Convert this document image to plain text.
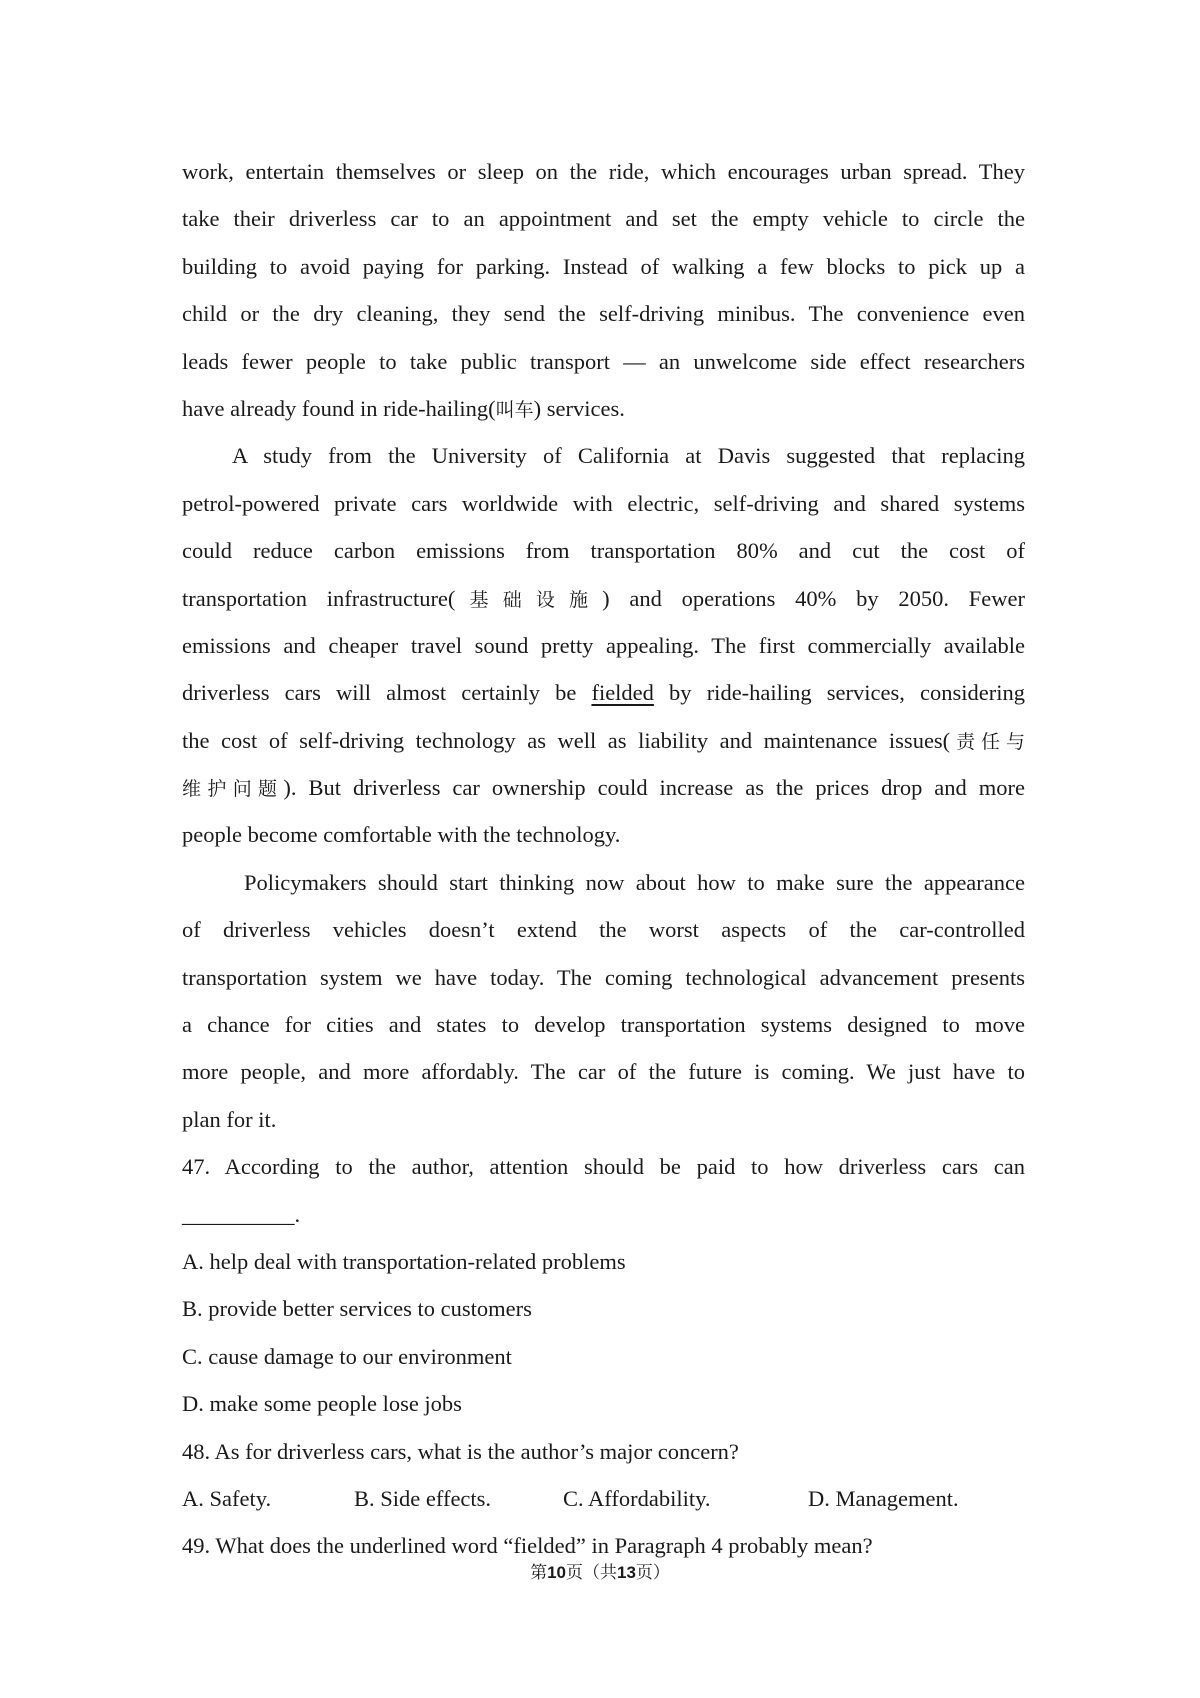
work, entertain themselves or sleep on the ride, which encourages urban spread. They
take their driverless car to an appointment and set the empty vehicle to circle the
building to avoid paying for parking. Instead of walking a few blocks to pick up a
child or the dry cleaning, they send the self-driving minibus. The convenience even
leads fewer people to take public transport — an unwelcome side effect researchers
have already found in ride-hailing(叫车) services.
A study from the University of California at Davis suggested that replacing
petrol-powered private cars worldwide with electric, self-driving and shared systems
could reduce carbon emissions from transportation 80% and cut the cost of
transportation infrastructure(基础设施) and operations 40% by 2050. Fewer
emissions and cheaper travel sound pretty appealing. The first commercially available
driverless cars will almost certainly be fielded by ride-hailing services, considering
the cost of self-driving technology as well as liability and maintenance issues(责任与
维护问题). But driverless car ownership could increase as the prices drop and more
people become comfortable with the technology.
Policymakers should start thinking now about how to make sure the appearance
of driverless vehicles doesn’t extend the worst aspects of the car-controlled
transportation system we have today. The coming technological advancement presents
a chance for cities and states to develop transportation systems designed to move
more people, and more affordably. The car of the future is coming. We just have to
plan for it.
47. According to the author, attention should be paid to how driverless cars can
__________.
A. help deal with transportation-related problems
B. provide better services to customers
C. cause damage to our environment
D. make some people lose jobs
48. As for driverless cars, what is the author’s major concern?
A. Safety.	B. Side effects.	C. Affordability.	D. Management.
49. What does the underlined word “fielded” in Paragraph 4 probably mean?
第10页（共13页）
